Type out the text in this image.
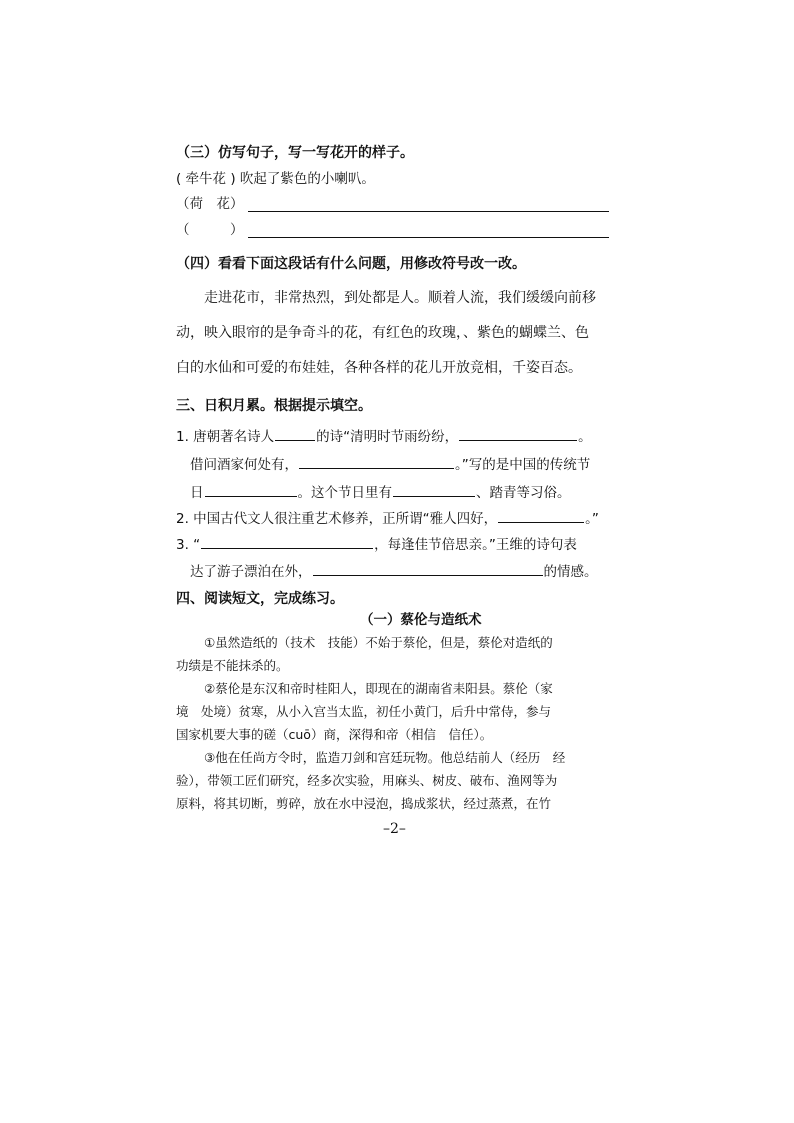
（三）仿写句子，写一写花开的样子。
( 牵牛花 ) 吹起了紫色的小喇叭。
（荷　花）
（　　　）
（四）看看下面这段话有什么问题，用修改符号改一改。
走进花市，非常热烈，到处都是人。顺着人流，我们缓缓向前移
动，映入眼帘的是争奇斗的花，有红色的玫瑰，、紫色的蝴蝶兰、色
白的水仙和可爱的布娃娃，各种各样的花儿开放竞相，千姿百态。
三、日积月累。根据提示填空。
1. 唐朝著名诗人	的诗“清明时节雨纷纷，	。
借问酒家何处有，	。”写的是中国的传统节
日	。这个节日里有	、踏青等习俗。
2. 中国古代文人很注重艺术修养，正所谓“雅人四好，	。”
3. “	，每逢佳节倍思亲。”王维的诗句表
达了游子漂泊在外，	的情感。
四、阅读短文，完成练习。
（一）蔡伦与造纸术
①虽然造纸的（技术　技能）不始于蔡伦，但是，蔡伦对造纸的
功绩是不能抹杀的。
②蔡伦是东汉和帝时桂阳人，即现在的湖南省耒阳县。蔡伦（家
境　处境）贫寒，从小入宫当太监，初任小黄门，后升中常侍，参与
国家机要大事的磋（cuō）商，深得和帝（相信　信任）。
③他在任尚方令时，监造刀剑和宫廷玩物。他总结前人（经历　经
验），带领工匠们研究，经多次实验，用麻头、树皮、破布、渔网等为
原料，将其切断，剪碎，放在水中浸泡，捣成浆状，经过蒸煮，在竹
–2–
